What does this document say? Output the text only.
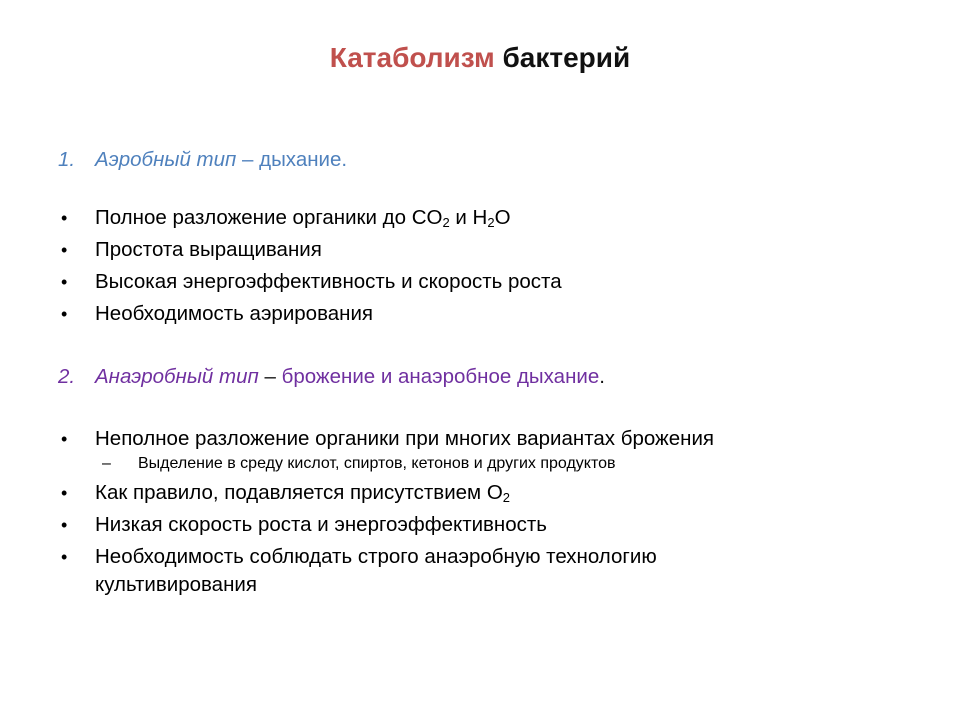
Катаболизм бактерий
1. Аэробный тип – дыхание.
• Полное разложение органики до $CO_2$ и $H_2O$
• Простота выращивания
• Высокая энергоэффективность и скорость роста
• Необходимость аэрирования
2. Анаэробный тип – брожение и анаэробное дыхание.
• Неполное разложение органики при многих вариантах брожения
– Выделение в среду кислот, спиртов, кетонов и других продуктов
• Как правило, подавляется присутствием $O_2$
• Низкая скорость роста и энергоэффективность
• Необходимость соблюдать строго анаэробную технологию культивирования
